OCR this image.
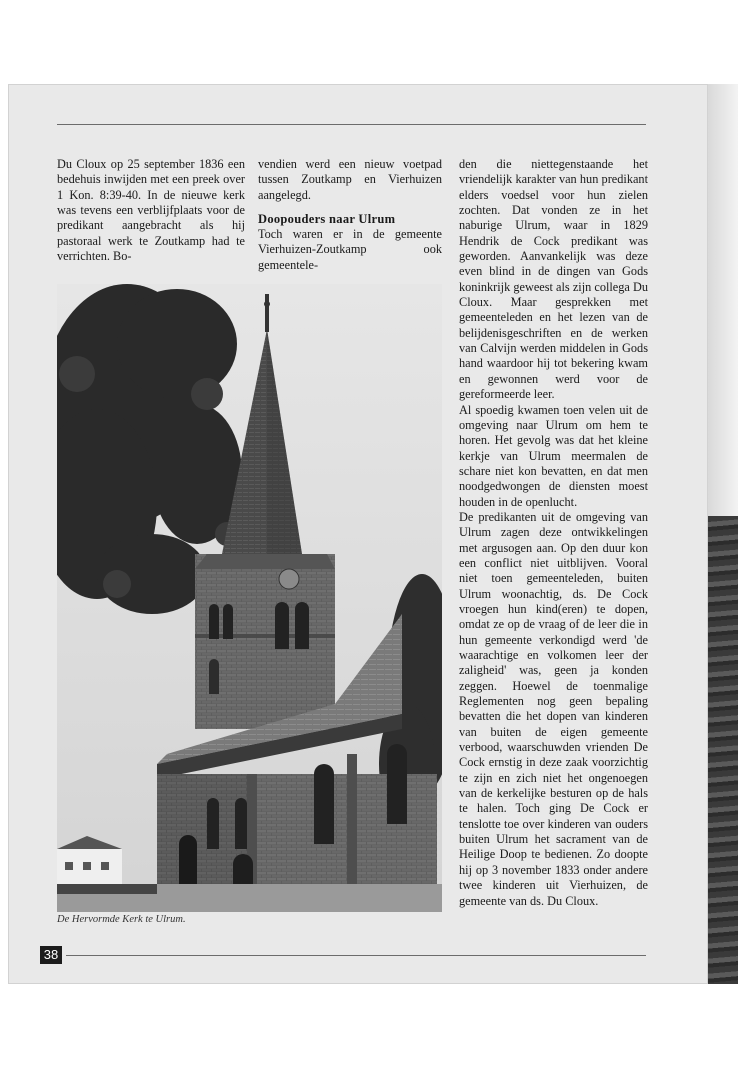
Du Cloux op 25 september 1836 een bedehuis inwijden met een preek over 1 Kon. 8:39-40. In de nieuwe kerk was tevens een verblijfplaats voor de predikant aangebracht als hij pastoraal werk te Zoutkamp had te verrichten. Bo-

vendien werd een nieuw voetpad tussen Zoutkamp en Vierhuizen aangelegd.

Doopouders naar Ulrum

Toch waren er in de gemeente Vierhuizen-Zoutkamp ook gemeentele-

den die niettegenstaande het vriendelijk karakter van hun predikant elders voedsel voor hun zielen zochten. Dat vonden ze in het naburige Ulrum, waar in 1829 Hendrik de Cock predikant was geworden. Aanvankelijk was deze even blind in de dingen van Gods koninkrijk geweest als zijn collega Du Cloux. Maar gesprekken met gemeenteleden en het lezen van de belijdenisgeschriften en de werken van Calvijn werden middelen in Gods hand waardoor hij tot bekering kwam en gewonnen werd voor de gereformeerde leer.

Al spoedig kwamen toen velen uit de omgeving naar Ulrum om hem te horen. Het gevolg was dat het kleine kerkje van Ulrum meermalen de schare niet kon bevatten, en dat men noodgedwongen de diensten moest houden in de openlucht.

De predikanten uit de omgeving van Ulrum zagen deze ontwikkelingen met argusogen aan. Op den duur kon een conflict niet uitblijven. Vooral niet toen gemeenteleden, buiten Ulrum woonachtig, ds. De Cock vroegen hun kind(eren) te dopen, omdat ze op de vraag of de leer die in hun gemeente verkondigd werd 'de waarachtige en volkomen leer der zaligheid' was, geen ja konden zeggen. Hoewel de toenmalige Reglementen nog geen bepaling bevatten die het dopen van kinderen van buiten de eigen gemeente verbood, waarschuwden vrienden De Cock ernstig in deze zaak voorzichtig te zijn en zich niet het ongenoegen van de kerkelijke besturen op de hals te halen. Toch ging De Cock er tenslotte toe over kinderen van ouders buiten Ulrum het sacrament van de Heilige Doop te bedienen. Zo doopte hij op 3 november 1833 onder andere twee kinderen uit Vierhuizen, de gemeente van ds. Du Cloux.

De Hervormde Kerk te Ulrum.
38
